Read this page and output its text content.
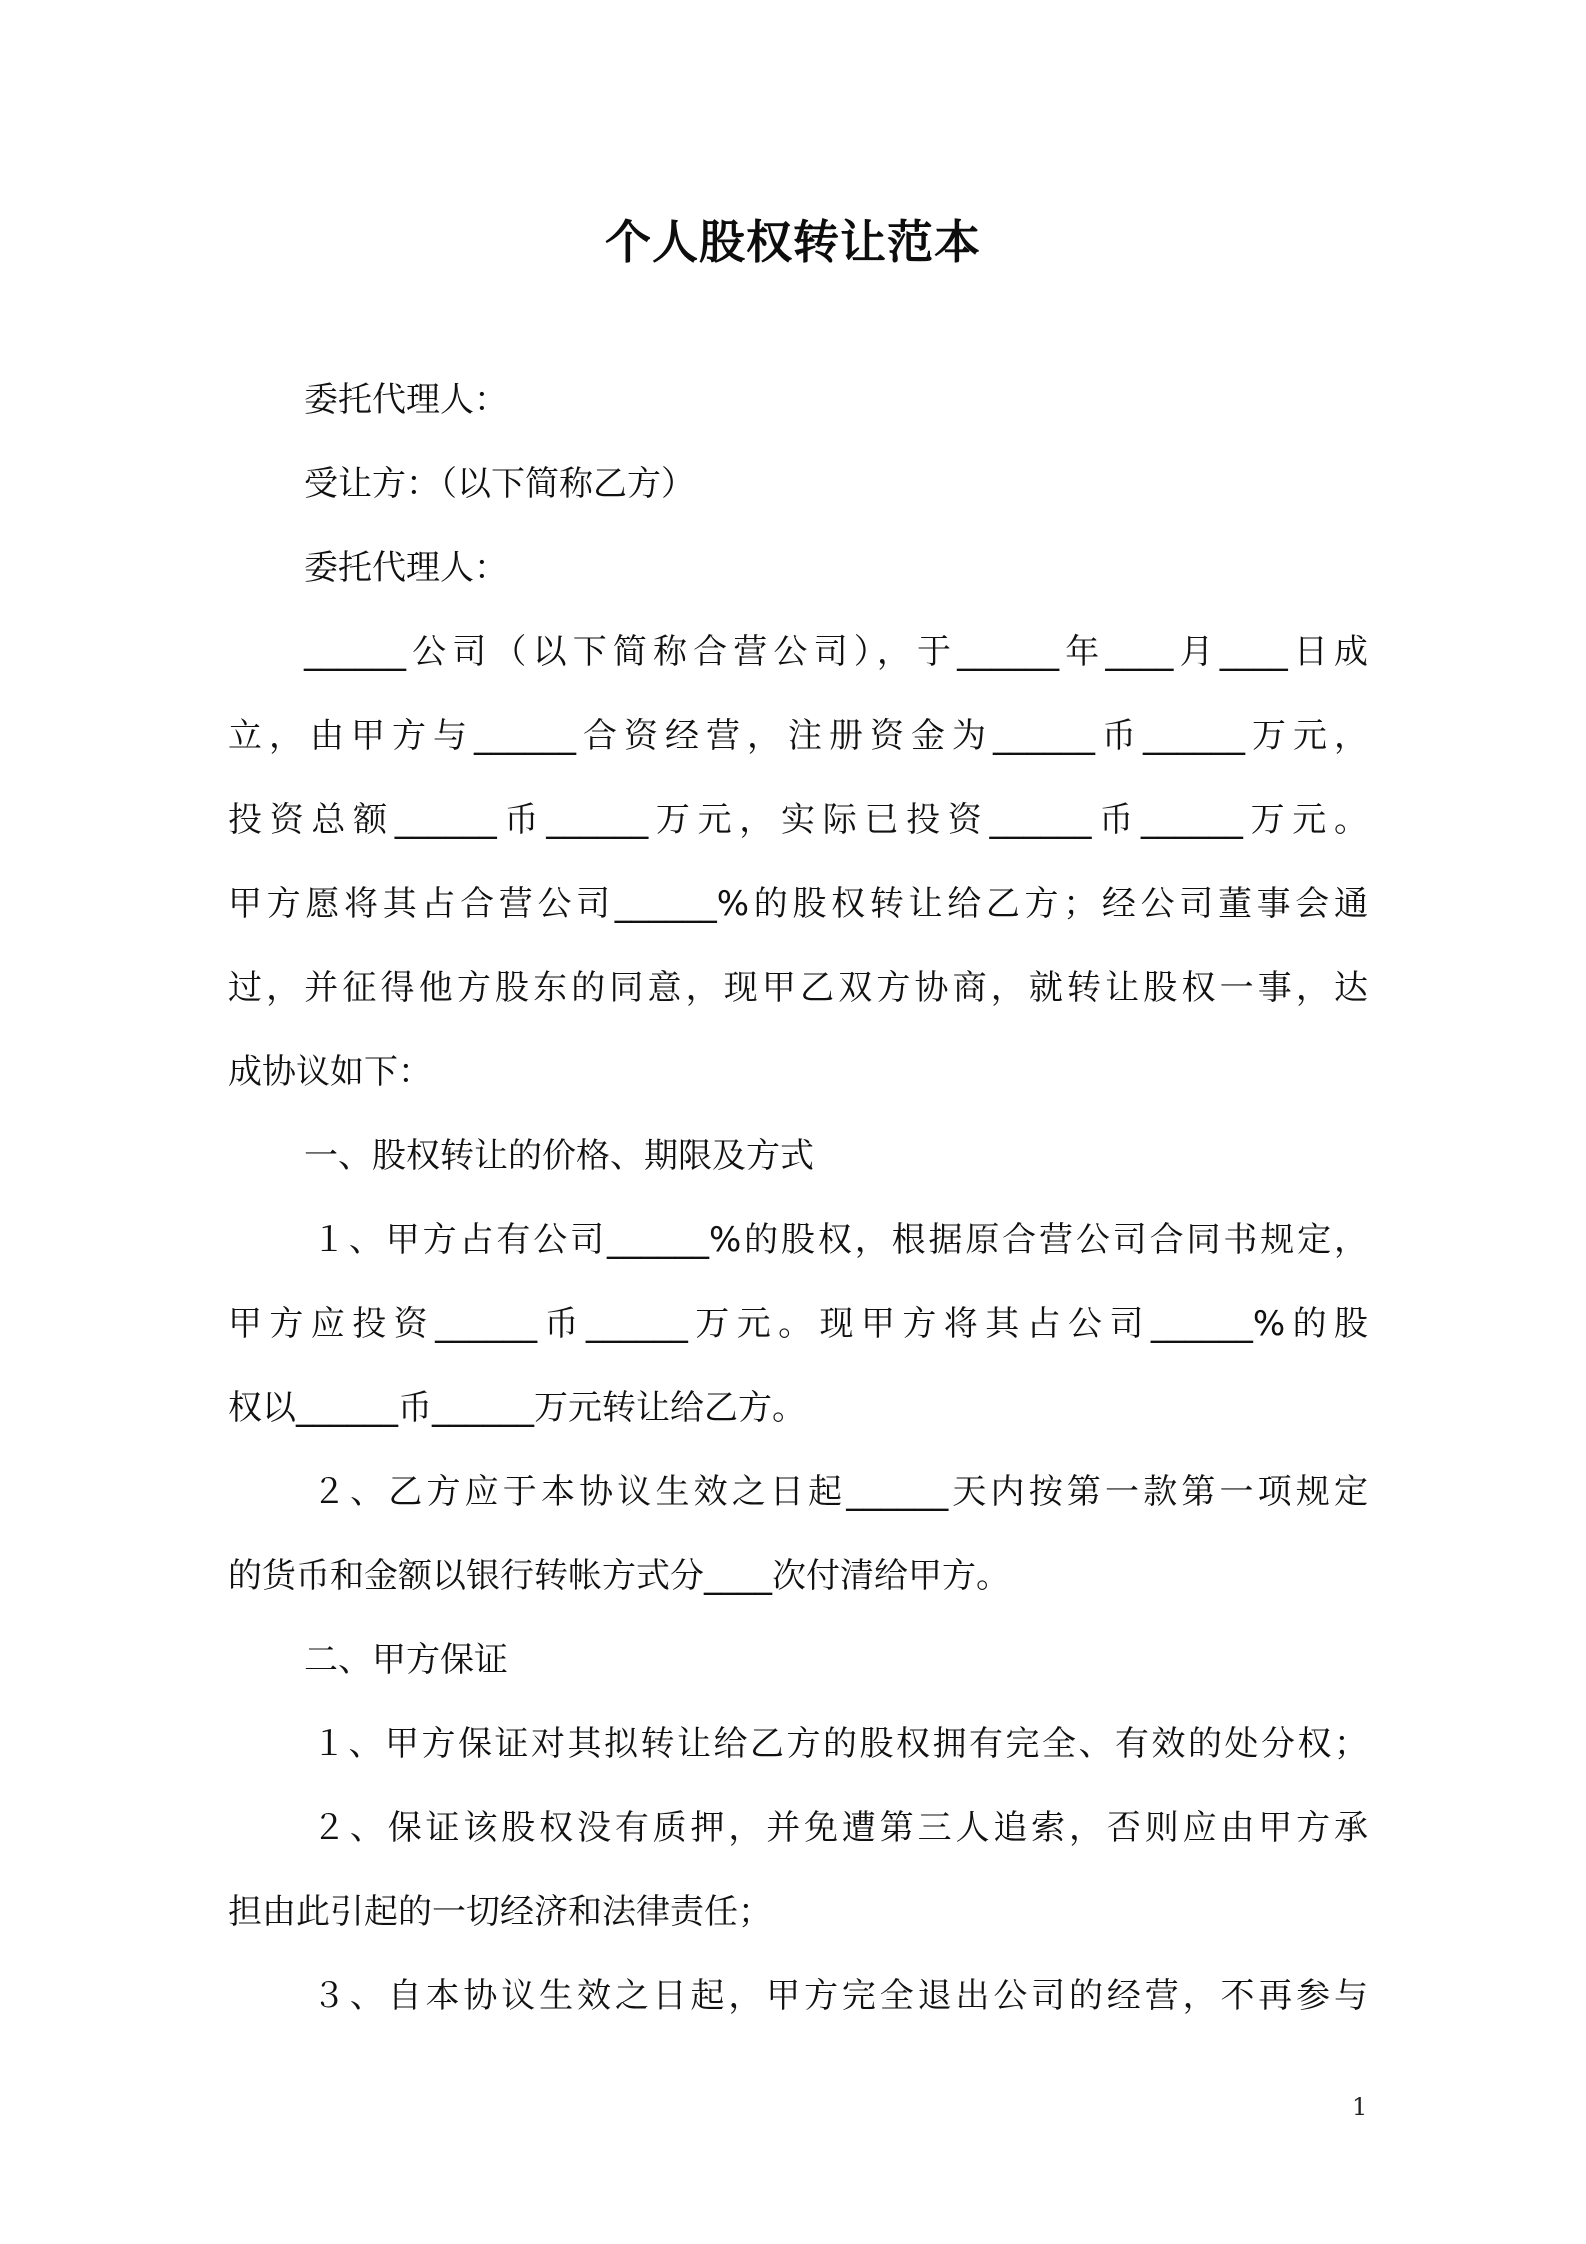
个人股权转让范本
委托代理人：
受让方：（以下简称乙方）
委托代理人：
______公司（以下简称合营公司），于______年____月____日成
立，由甲方与______合资经营，注册资金为______币______万元，
投资总额______币______万元，实际已投资______币______万元。
甲方愿将其占合营公司______%的股权转让给乙方；经公司董事会通
过，并征得他方股东的同意，现甲乙双方协商，就转让股权一事，达
成协议如下：
一、股权转让的价格、期限及方式
１、甲方占有公司______%的股权，根据原合营公司合同书规定，
甲方应投资______币______万元。现甲方将其占公司______%的股
权以______币______万元转让给乙方。
２、乙方应于本协议生效之日起______天内按第一款第一项规定
的货币和金额以银行转帐方式分____次付清给甲方。
二、甲方保证
１、甲方保证对其拟转让给乙方的股权拥有完全、有效的处分权；
２、保证该股权没有质押，并免遭第三人追索，否则应由甲方承
担由此引起的一切经济和法律责任；
３、自本协议生效之日起，甲方完全退出公司的经营，不再参与
1
